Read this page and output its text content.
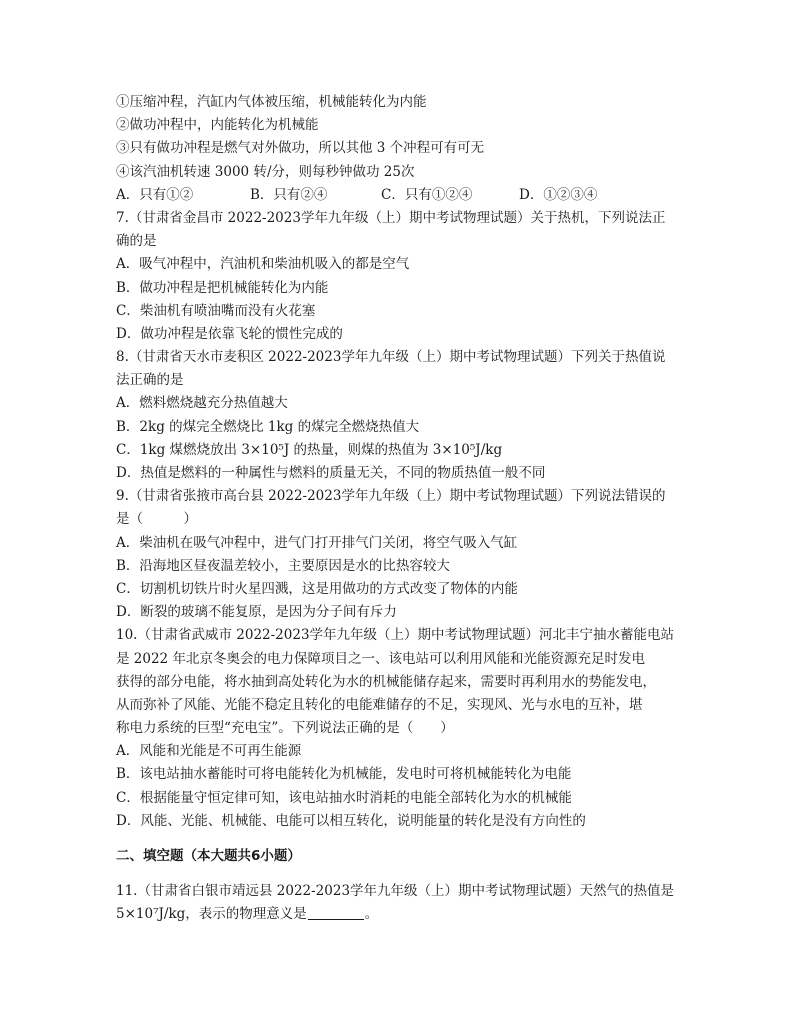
①压缩冲程，汽缸内气体被压缩，机械能转化为内能
②做功冲程中，内能转化为机械能
③只有做功冲程是燃气对外做功，所以其他 3 个冲程可有可无
④该汽油机转速 3000 转/分，则每秒钟做功 25次
A．只有①②	B．只有②④	C．只有①②④	D．①②③④
7.（甘肃省金昌市 2022-2023学年九年级（上）期中考试物理试题）关于热机，下列说法正
确的是
A．吸气冲程中，汽油机和柴油机吸入的都是空气
B．做功冲程是把机械能转化为内能
C．柴油机有喷油嘴而没有火花塞
D．做功冲程是依靠飞轮的惯性完成的
8.（甘肃省天水市麦积区 2022-2023学年九年级（上）期中考试物理试题）下列关于热值说
法正确的是
A．燃料燃烧越充分热值越大
B．2kg 的煤完全燃烧比 1kg 的煤完全燃烧热值大
C．1kg 煤燃烧放出 3×10⁵J 的热量，则煤的热值为 3×10⁵J/kg
D．热值是燃料的一种属性与燃料的质量无关，不同的物质热值一般不同
9.（甘肃省张掖市高台县 2022-2023学年九年级（上）期中考试物理试题）下列说法错误的
是（　　　）
A．柴油机在吸气冲程中，进气门打开排气门关闭，将空气吸入气缸
B．沿海地区昼夜温差较小，主要原因是水的比热容较大
C．切割机切铁片时火星四溅，这是用做功的方式改变了物体的内能
D．断裂的玻璃不能复原，是因为分子间有斥力
10.（甘肃省武威市 2022-2023学年九年级（上）期中考试物理试题）河北丰宁抽水蓄能电站
是 2022 年北京冬奥会的电力保障项目之一、该电站可以利用风能和光能资源充足时发电
获得的部分电能，将水抽到高处转化为水的机械能储存起来，需要时再利用水的势能发电，
从而弥补了风能、光能不稳定且转化的电能难储存的不足，实现风、光与水电的互补，堪
称电力系统的巨型“充电宝”。下列说法正确的是（　　）
A．风能和光能是不可再生能源
B．该电站抽水蓄能时可将电能转化为机械能，发电时可将机械能转化为电能
C．根据能量守恒定律可知，该电站抽水时消耗的电能全部转化为水的机械能
D．风能、光能、机械能、电能可以相互转化，说明能量的转化是没有方向性的
二、填空题（本大题共6小题）
11.（甘肃省白银市靖远县 2022-2023学年九年级（上）期中考试物理试题）天然气的热值是
5×10⁷J/kg，表示的物理意义是	。
